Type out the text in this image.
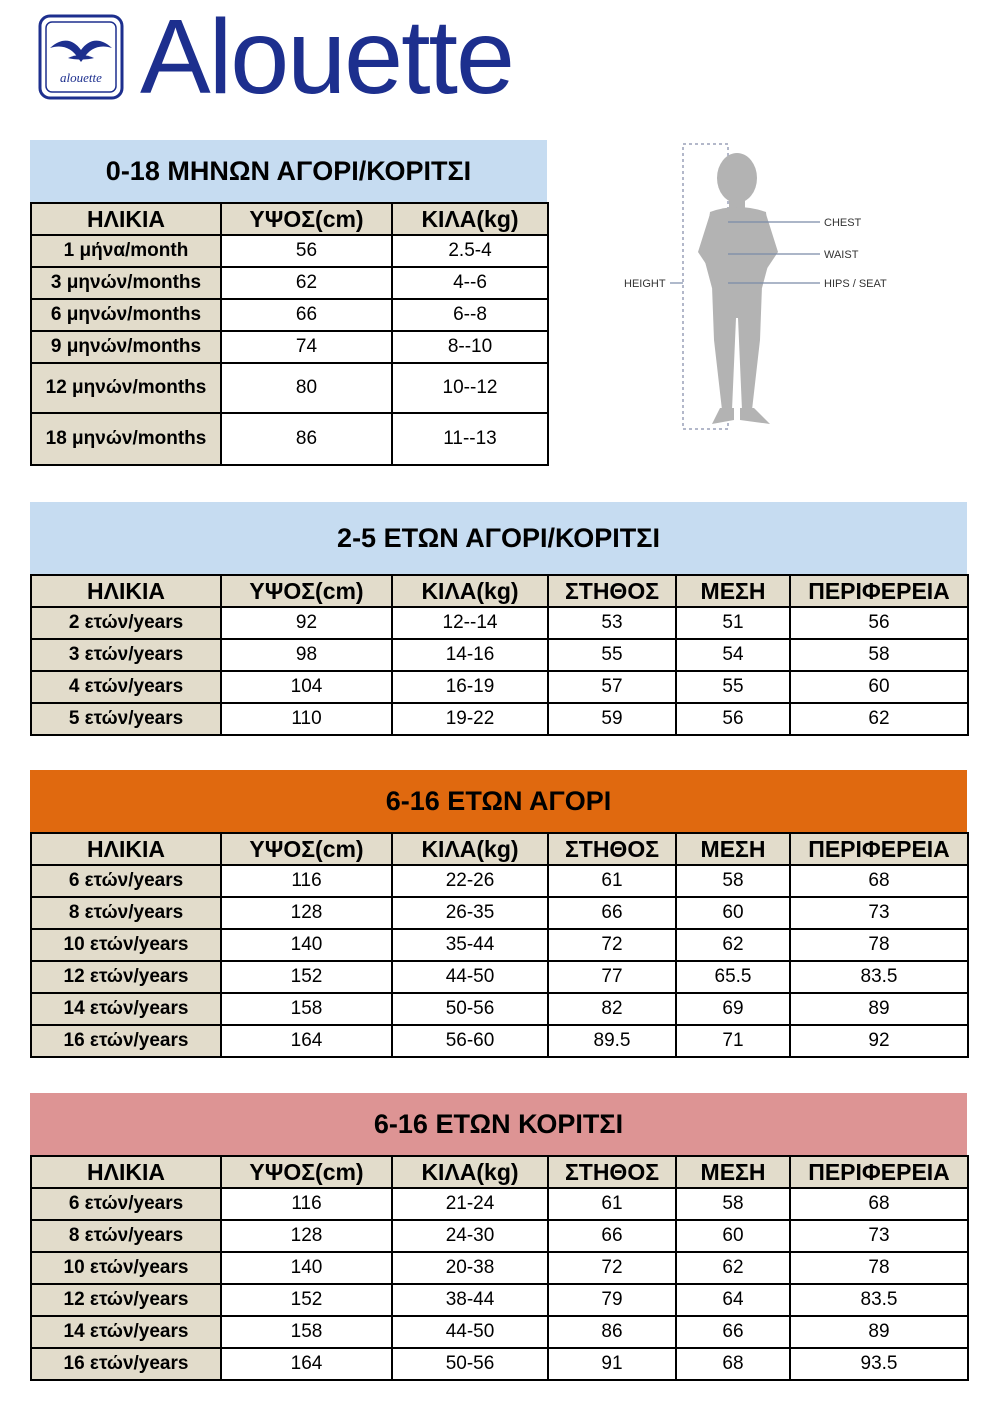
alouette Alouette
CHEST
WAIST
HIPS / SEAT
HEIGHT
0-18 ΜΗΝΩΝ ΑΓΟΡΙ/ΚΟΡΙΤΣΙ
ΗΛΙΚΙΑ	ΥΨΟΣ(cm)	ΚΙΛΑ(kg)
1 μήνα/month	56	2.5-4
3 μηνών/months	62	4--6
6 μηνών/months	66	6--8
9 μηνών/months	74	8--10
12 μηνών/months	80	10--12
18 μηνών/months	86	11--13
2-5 ΕΤΩΝ ΑΓΟΡΙ/ΚΟΡΙΤΣΙ
ΗΛΙΚΙΑ	ΥΨΟΣ(cm)	ΚΙΛΑ(kg)	ΣΤΗΘΟΣ	ΜΕΣΗ	ΠΕΡΙΦΕΡΕΙΑ
2 ετών/years	92	12--14	53	51	56
3 ετών/years	98	14-16	55	54	58
4 ετών/years	104	16-19	57	55	60
5 ετών/years	110	19-22	59	56	62
6-16 ΕΤΩΝ ΑΓΟΡΙ
ΗΛΙΚΙΑ	ΥΨΟΣ(cm)	ΚΙΛΑ(kg)	ΣΤΗΘΟΣ	ΜΕΣΗ	ΠΕΡΙΦΕΡΕΙΑ
6 ετών/years	116	22-26	61	58	68
8 ετών/years	128	26-35	66	60	73
10 ετών/years	140	35-44	72	62	78
12 ετών/years	152	44-50	77	65.5	83.5
14 ετών/years	158	50-56	82	69	89
16 ετών/years	164	56-60	89.5	71	92
6-16 ΕΤΩΝ ΚΟΡΙΤΣΙ
ΗΛΙΚΙΑ	ΥΨΟΣ(cm)	ΚΙΛΑ(kg)	ΣΤΗΘΟΣ	ΜΕΣΗ	ΠΕΡΙΦΕΡΕΙΑ
6 ετών/years	116	21-24	61	58	68
8 ετών/years	128	24-30	66	60	73
10 ετών/years	140	20-38	72	62	78
12 ετών/years	152	38-44	79	64	83.5
14 ετών/years	158	44-50	86	66	89
16 ετών/years	164	50-56	91	68	93.5
